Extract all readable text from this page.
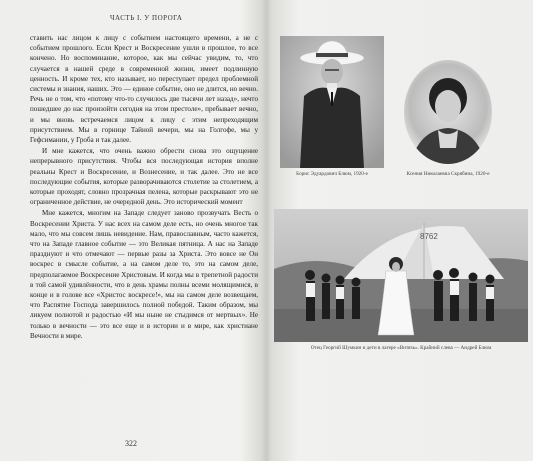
ЧАСТЬ I. У ПОРОГА

ставить нас лицом к лицу с событием настоящего времени, а не с событием прошлого. Если Крест и Воскресение ушли в прошлое, то все кончено. Но воспоминание, которое, как мы сейчас увидим, то, что случается в нашей среде в современной жизни, имеет подлинную ценность. И кроме тех, кто называет, но переступает предел проблемной системы и знания, наших. Это — единое событие, оно не длится, но вечно. Речь не о том, что «потому что-то случилось две тысячи лет назад», нечто пошедшее до нас произойти сегодня на этом престоле», пребывает вечно, и мы вновь встречаемся лицом к лицу с этим непреходящим присутствием. Мы в горнице Тайной вечери, мы на Голгофе, мы у Гефсимании, у Гроба и так далее.

И мне кажется, что очень важно обрести снова это ощущение непрерывного присутствия. Чтобы вся последующая история вполне реальны Крест и Воскресение, и Вознесение, и так далее. Это не все последующие события, которые разворачиваются столетие за столетием, а которые проходят, словно прозрачная пелена, которые раскрывают это не ограниченное действие, не очередной день. Это исторический момент

Мне кажется, многим на Западе следует заново прозвучать Весть о Воскресении Христа. У нас всех на самом деле есть, но очень многое так мало, что мы совсем лишь невидение. Нам, православным, часто кажется, что на Западе главное событие — это Великая пятница. А нас на Западе празднуют и что отмечают — первые разы за Христа. Это вовсе не Он воскрес в смысле событие, а на самом деле то, это на самом деле, предполагаемое Воскресение Христовым. И когда мы в трепетной радости в той самой удивлённости, что в день храмы полны всеми молящимися, в конце и в голове все «Христос воскресе!», мы на самом деле возвещаем, что Распятие Господа завершилось полной победой. Таким образом, мы ликуем полнотой и радостью «И мы ныне не стыдимся от мертвых». Не только в вечности — это все еще и в истории и в мире, как христиане Вечности в мире.

322
Борис Эдуардович Блюм, 1920-е	Ксения Николаевна Скрябина, 1920-е
8762
Отец Георгий Шумкин и дети в лагере «Витязь». Крайний слева — Андрей Блюм
